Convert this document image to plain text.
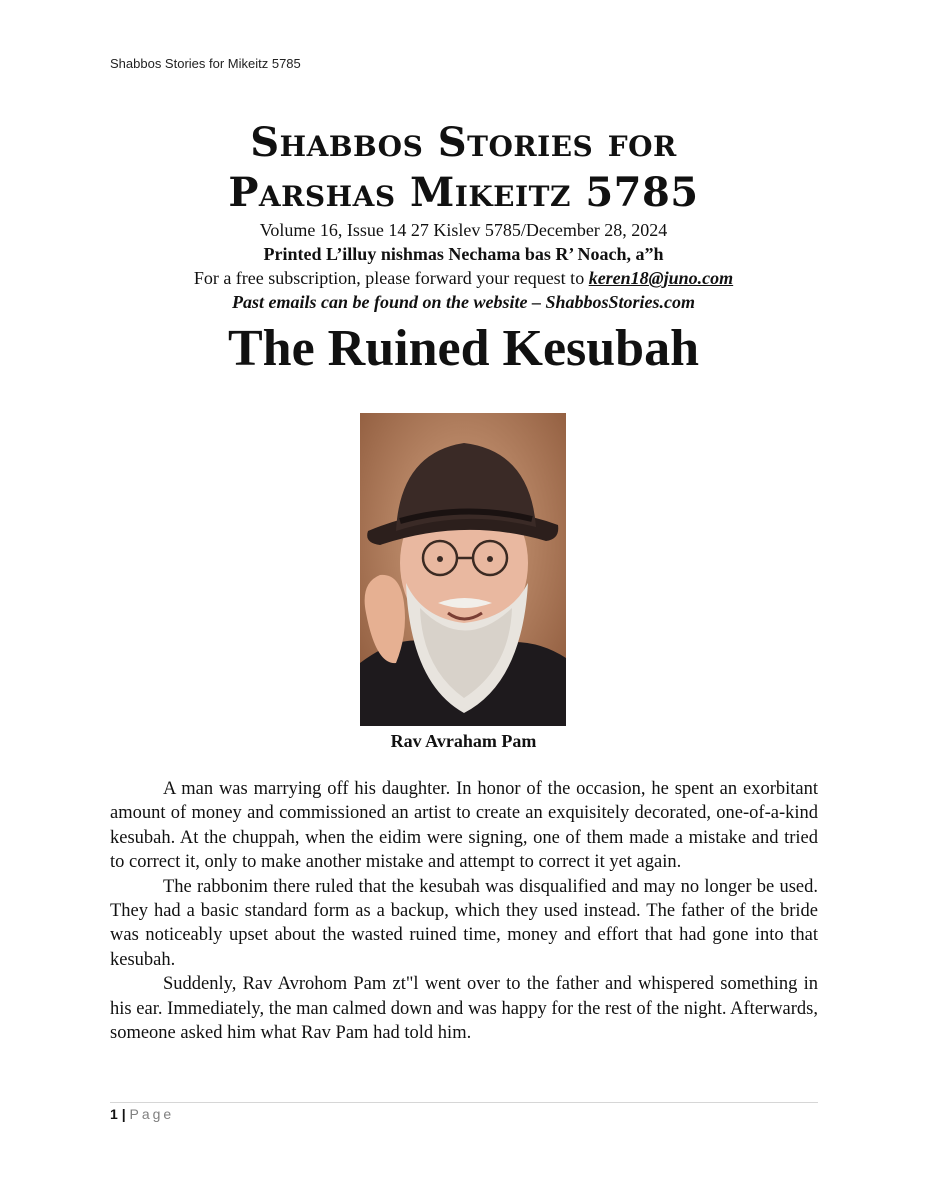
Shabbos Stories for Mikeitz 5785
Shabbos Stories for
Parshas Mikeitz 5785
Volume 16, Issue 14 27 Kislev 5785/December 28, 2024
Printed L’illuy nishmas Nechama bas R’ Noach, a”h
For a free subscription, please forward your request to keren18@juno.com
Past emails can be found on the website – ShabbosStories.com
The Ruined Kesubah
Rav Avraham Pam

A man was marrying off his daughter. In honor of the occasion, he spent an exorbitant amount of money and commissioned an artist to create an exquisitely decorated, one-of-a-kind kesubah. At the chuppah, when the eidim were signing, one of them made a mistake and tried to correct it, only to make another mistake and attempt to correct it yet again.

The rabbonim there ruled that the kesubah was disqualified and may no longer be used. They had a basic standard form as a backup, which they used instead. The father of the bride was noticeably upset about the wasted ruined time, money and effort that had gone into that kesubah.

Suddenly, Rav Avrohom Pam zt"l went over to the father and whispered something in his ear. Immediately, the man calmed down and was happy for the rest of the night. Afterwards, someone asked him what Rav Pam had told him.

1 | Page
